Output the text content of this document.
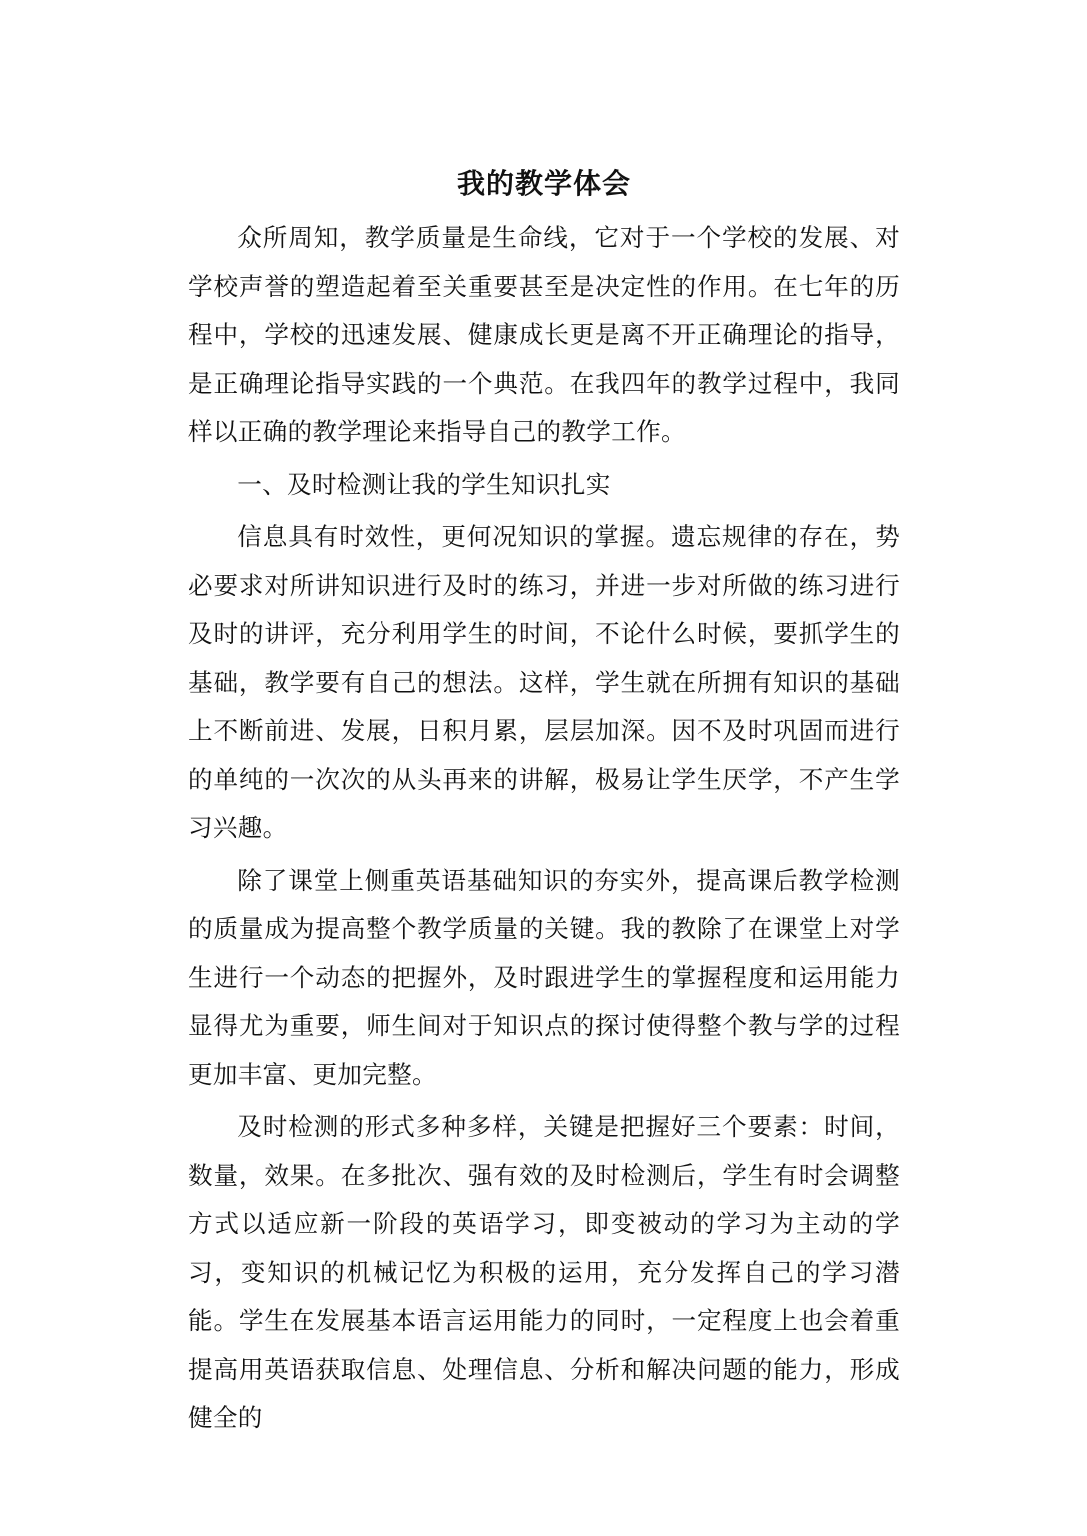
我的教学体会

众所周知，教学质量是生命线，它对于一个学校的发展、对学校声誉的塑造起着至关重要甚至是决定性的作用。在七年的历程中，学校的迅速发展、健康成长更是离不开正确理论的指导，是正确理论指导实践的一个典范。在我四年的教学过程中，我同样以正确的教学理论来指导自己的教学工作。

一、及时检测让我的学生知识扎实

信息具有时效性，更何况知识的掌握。遗忘规律的存在，势必要求对所讲知识进行及时的练习，并进一步对所做的练习进行及时的讲评，充分利用学生的时间，不论什么时候，要抓学生的基础，教学要有自己的想法。这样，学生就在所拥有知识的基础上不断前进、发展，日积月累，层层加深。因不及时巩固而进行的单纯的一次次的从头再来的讲解，极易让学生厌学，不产生学习兴趣。

除了课堂上侧重英语基础知识的夯实外，提高课后教学检测的质量成为提高整个教学质量的关键。我的教除了在课堂上对学生进行一个动态的把握外，及时跟进学生的掌握程度和运用能力显得尤为重要，师生间对于知识点的探讨使得整个教与学的过程更加丰富、更加完整。

及时检测的形式多种多样，关键是把握好三个要素：时间，数量，效果。在多批次、强有效的及时检测后，学生有时会调整方式以适应新一阶段的英语学习，即变被动的学习为主动的学习，变知识的机械记忆为积极的运用，充分发挥自己的学习潜能。学生在发展基本语言运用能力的同时，一定程度上也会着重提高用英语获取信息、处理信息、分析和解决问题的能力，形成健全的
